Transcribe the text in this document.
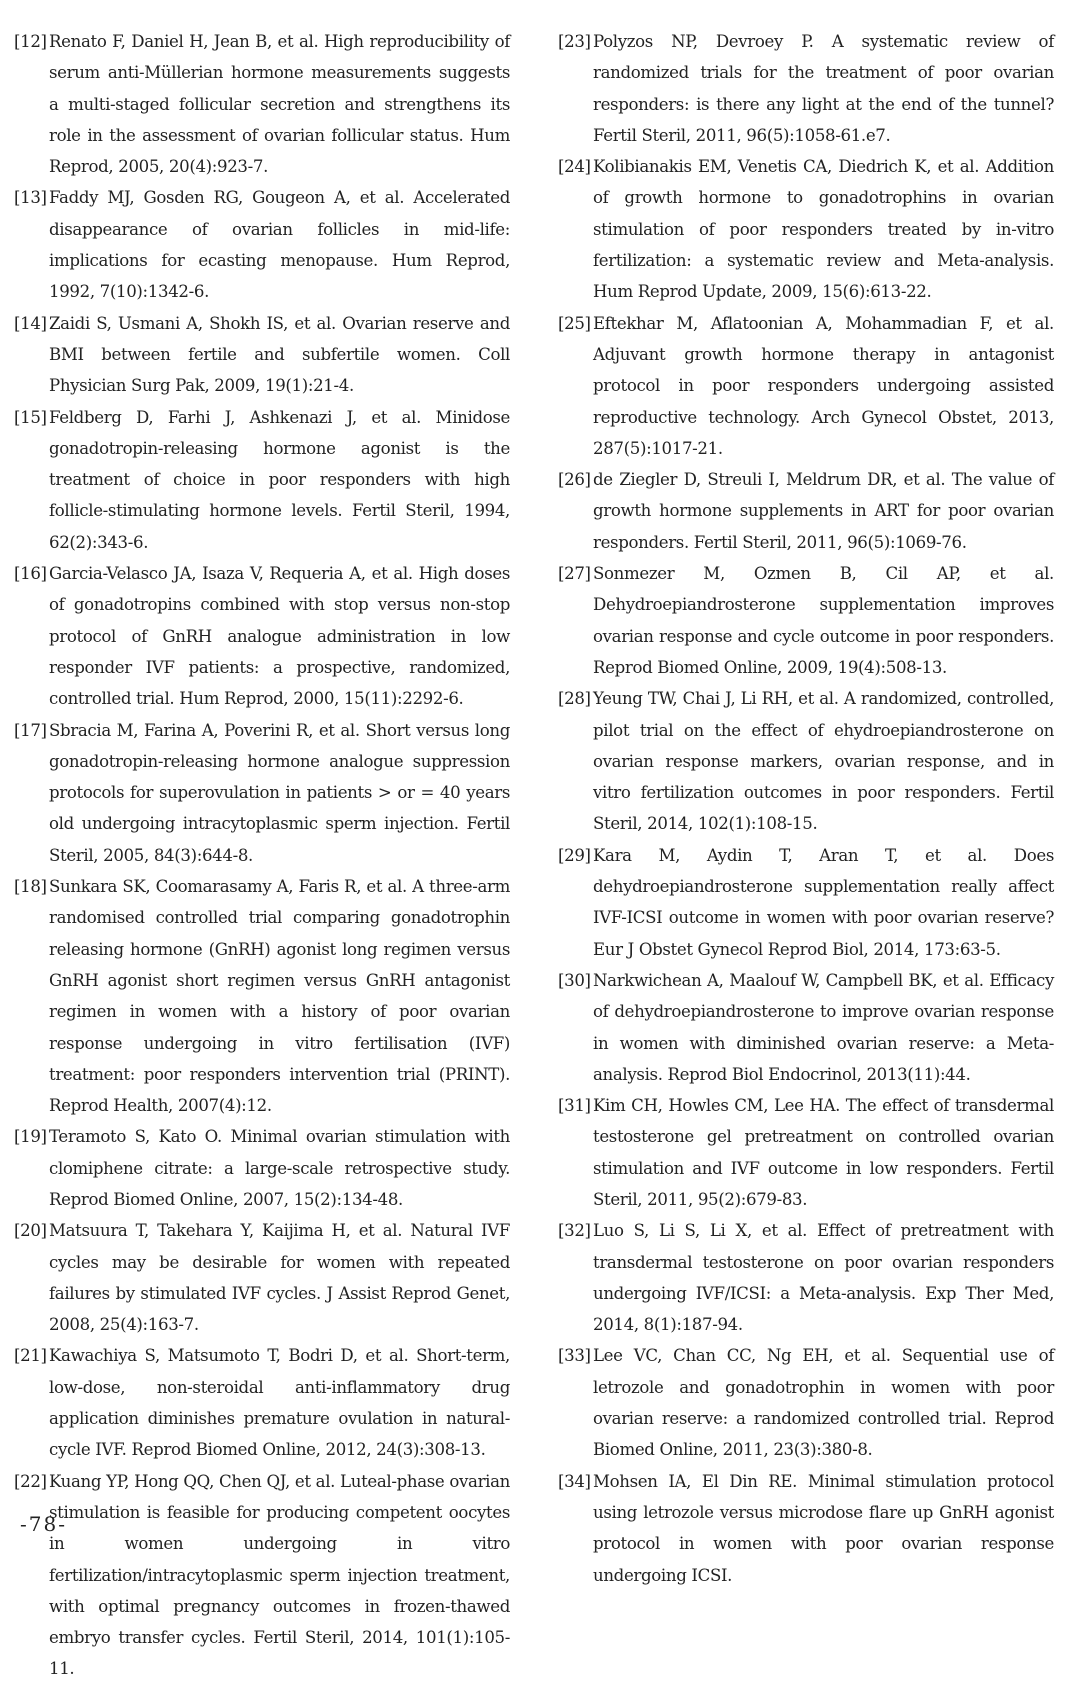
[12] Renato F, Daniel H, Jean B, et al. High reproducibility of serum anti-Müllerian hormone measurements suggests a multi-staged follicular secretion and strengthens its role in the assessment of ovarian follicular status. Hum Reprod, 2005, 20(4):923-7.
[13] Faddy MJ, Gosden RG, Gougeon A, et al. Accelerated disappearance of ovarian follicles in mid-life: implications for ecasting menopause. Hum Reprod, 1992, 7(10):1342-6.
[14] Zaidi S, Usmani A, Shokh IS, et al. Ovarian reserve and BMI between fertile and subfertile women. Coll Physician Surg Pak, 2009, 19(1):21-4.
[15] Feldberg D, Farhi J, Ashkenazi J, et al. Minidose gonadotropin-releasing hormone agonist is the treatment of choice in poor responders with high follicle-stimulating hormone levels. Fertil Steril, 1994, 62(2):343-6.
[16] Garcia-Velasco JA, Isaza V, Requeria A, et al. High doses of gonadotropins combined with stop versus non-stop protocol of GnRH analogue administration in low responder IVF patients: a prospective, randomized, controlled trial. Hum Reprod, 2000, 15(11):2292-6.
[17] Sbracia M, Farina A, Poverini R, et al. Short versus long gonadotropin-releasing hormone analogue suppression protocols for superovulation in patients > or = 40 years old undergoing intracytoplasmic sperm injection. Fertil Steril, 2005, 84(3):644-8.
[18] Sunkara SK, Coomarasamy A, Faris R, et al. A three-arm randomised controlled trial comparing gonadotrophin releasing hormone (GnRH) agonist long regimen versus GnRH agonist short regimen versus GnRH antagonist regimen in women with a history of poor ovarian response undergoing in vitro fertilisation (IVF) treatment: poor responders intervention trial (PRINT). Reprod Health, 2007(4):12.
[19] Teramoto S, Kato O. Minimal ovarian stimulation with clomiphene citrate: a large-scale retrospective study. Reprod Biomed Online, 2007, 15(2):134-48.
[20] Matsuura T, Takehara Y, Kaijima H, et al. Natural IVF cycles may be desirable for women with repeated failures by stimulated IVF cycles. J Assist Reprod Genet, 2008, 25(4):163-7.
[21] Kawachiya S, Matsumoto T, Bodri D, et al. Short-term, low-dose, non-steroidal anti-inflammatory drug application diminishes premature ovulation in natural-cycle IVF. Reprod Biomed Online, 2012, 24(3):308-13.
[22] Kuang YP, Hong QQ, Chen QJ, et al. Luteal-phase ovarian stimulation is feasible for producing competent oocytes in women undergoing in vitro fertilization/intracytoplasmic sperm injection treatment, with optimal pregnancy outcomes in frozen-thawed embryo transfer cycles. Fertil Steril, 2014, 101(1):105-11.
[23] Polyzos NP, Devroey P. A systematic review of randomized trials for the treatment of poor ovarian responders: is there any light at the end of the tunnel? Fertil Steril, 2011, 96(5):1058-61.e7.
[24] Kolibianakis EM, Venetis CA, Diedrich K, et al. Addition of growth hormone to gonadotrophins in ovarian stimulation of poor responders treated by in-vitro fertilization: a systematic review and Meta-analysis. Hum Reprod Update, 2009, 15(6):613-22.
[25] Eftekhar M, Aflatoonian A, Mohammadian F, et al. Adjuvant growth hormone therapy in antagonist protocol in poor responders undergoing assisted reproductive technology. Arch Gynecol Obstet, 2013, 287(5):1017-21.
[26] de Ziegler D, Streuli I, Meldrum DR, et al. The value of growth hormone supplements in ART for poor ovarian responders. Fertil Steril, 2011, 96(5):1069-76.
[27] Sonmezer M, Ozmen B, Cil AP, et al. Dehydroepiandrosterone supplementation improves ovarian response and cycle outcome in poor responders. Reprod Biomed Online, 2009, 19(4):508-13.
[28] Yeung TW, Chai J, Li RH, et al. A randomized, controlled, pilot trial on the effect of ehydroepiandrosterone on ovarian response markers, ovarian response, and in vitro fertilization outcomes in poor responders. Fertil Steril, 2014, 102(1):108-15.
[29] Kara M, Aydin T, Aran T, et al. Does dehydroepiandrosterone supplementation really affect IVF-ICSI outcome in women with poor ovarian reserve? Eur J Obstet Gynecol Reprod Biol, 2014, 173:63-5.
[30] Narkwichean A, Maalouf W, Campbell BK, et al. Efficacy of dehydroepiandrosterone to improve ovarian response in women with diminished ovarian reserve: a Meta-analysis. Reprod Biol Endocrinol, 2013(11):44.
[31] Kim CH, Howles CM, Lee HA. The effect of transdermal testosterone gel pretreatment on controlled ovarian stimulation and IVF outcome in low responders. Fertil Steril, 2011, 95(2):679-83.
[32] Luo S, Li S, Li X, et al. Effect of pretreatment with transdermal testosterone on poor ovarian responders undergoing IVF/ICSI: a Meta-analysis. Exp Ther Med, 2014, 8(1):187-94.
[33] Lee VC, Chan CC, Ng EH, et al. Sequential use of letrozole and gonadotrophin in women with poor ovarian reserve: a randomized controlled trial. Reprod Biomed Online, 2011, 23(3):380-8.
[34] Mohsen IA, El Din RE. Minimal stimulation protocol using letrozole versus microdose flare up GnRH agonist protocol in women with poor ovarian response undergoing ICSI.
-78-
